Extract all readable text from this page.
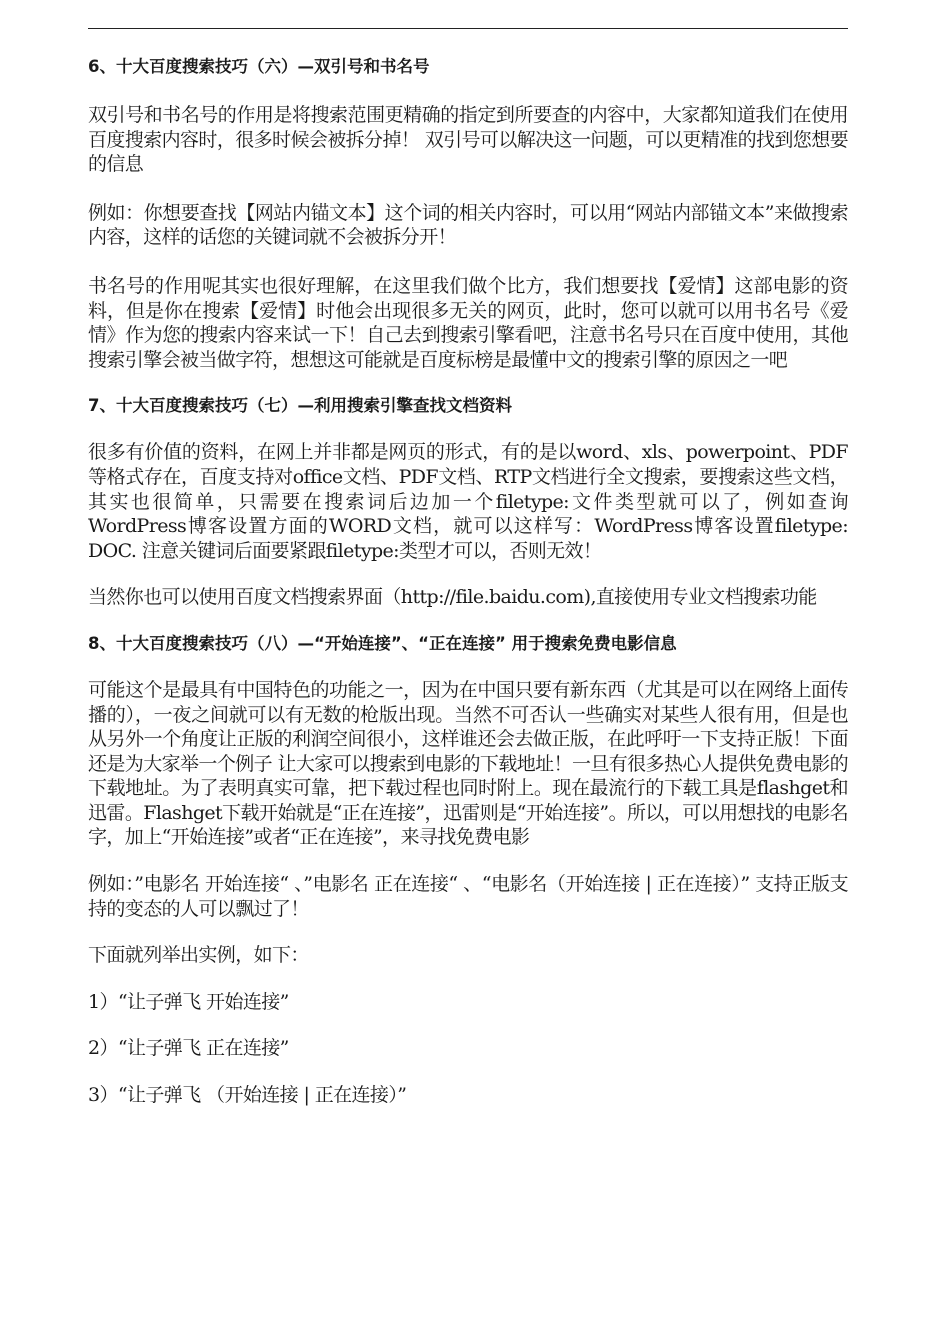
6、十大百度搜索技巧（六）—双引号和书名号

双引号和书名号的作用是将搜索范围更精确的指定到所要查的内容中，大家都知道我们在使用百度搜索内容时，很多时候会被拆分掉！ 双引号可以解决这一问题，可以更精准的找到您想要的信息

例如：你想要查找【网站内锚文本】这个词的相关内容时，可以用“网站内部锚文本”来做搜索内容，这样的话您的关键词就不会被拆分开！

书名号的作用呢其实也很好理解，在这里我们做个比方，我们想要找【爱情】这部电影的资料，但是你在搜索【爱情】时他会出现很多无关的网页，此时，您可以就可以用书名号《爱情》作为您的搜索内容来试一下！自己去到搜索引擎看吧，注意书名号只在百度中使用，其他搜索引擎会被当做字符，想想这可能就是百度标榜是最懂中文的搜索引擎的原因之一吧

7、十大百度搜索技巧（七）—利用搜索引擎查找文档资料

很多有价值的资料，在网上并非都是网页的形式，有的是以word、xls、powerpoint、PDF等格式存在，百度支持对office文档、PDF文档、RTP文档进行全文搜索，要搜索这些文档，其实也很简单，只需要在搜索词后边加一个filetype:文件类型就可以了，例如查询WordPress博客设置方面的WORD文档，就可以这样写：WordPress博客设置filetype: DOC. 注意关键词后面要紧跟filetype:类型才可以，否则无效！

当然你也可以使用百度文档搜索界面（http://file.baidu.com),直接使用专业文档搜索功能

8、十大百度搜索技巧（八）—“开始连接”、“正在连接” 用于搜索免费电影信息

可能这个是最具有中国特色的功能之一，因为在中国只要有新东西（尤其是可以在网络上面传播的），一夜之间就可以有无数的枪版出现。当然不可否认一些确实对某些人很有用，但是也从另外一个角度让正版的利润空间很小，这样谁还会去做正版，在此呼吁一下支持正版！下面还是为大家举一个例子 让大家可以搜索到电影的下载地址！一旦有很多热心人提供免费电影的下载地址。为了表明真实可靠，把下载过程也同时附上。现在最流行的下载工具是flashget和迅雷。Flashget下载开始就是“正在连接”，迅雷则是“开始连接”。所以，可以用想找的电影名字，加上“开始连接”或者“正在连接”，来寻找免费电影

例如：”电影名 开始连接“ 、”电影名 正在连接“ 、“电影名（开始连接 | 正在连接）” 支持正版支持的变态的人可以飘过了！

下面就列举出实例，如下：

1）“让子弹飞 开始连接”

2）“让子弹飞 正在连接”

3）“让子弹飞 （开始连接 | 正在连接）”
